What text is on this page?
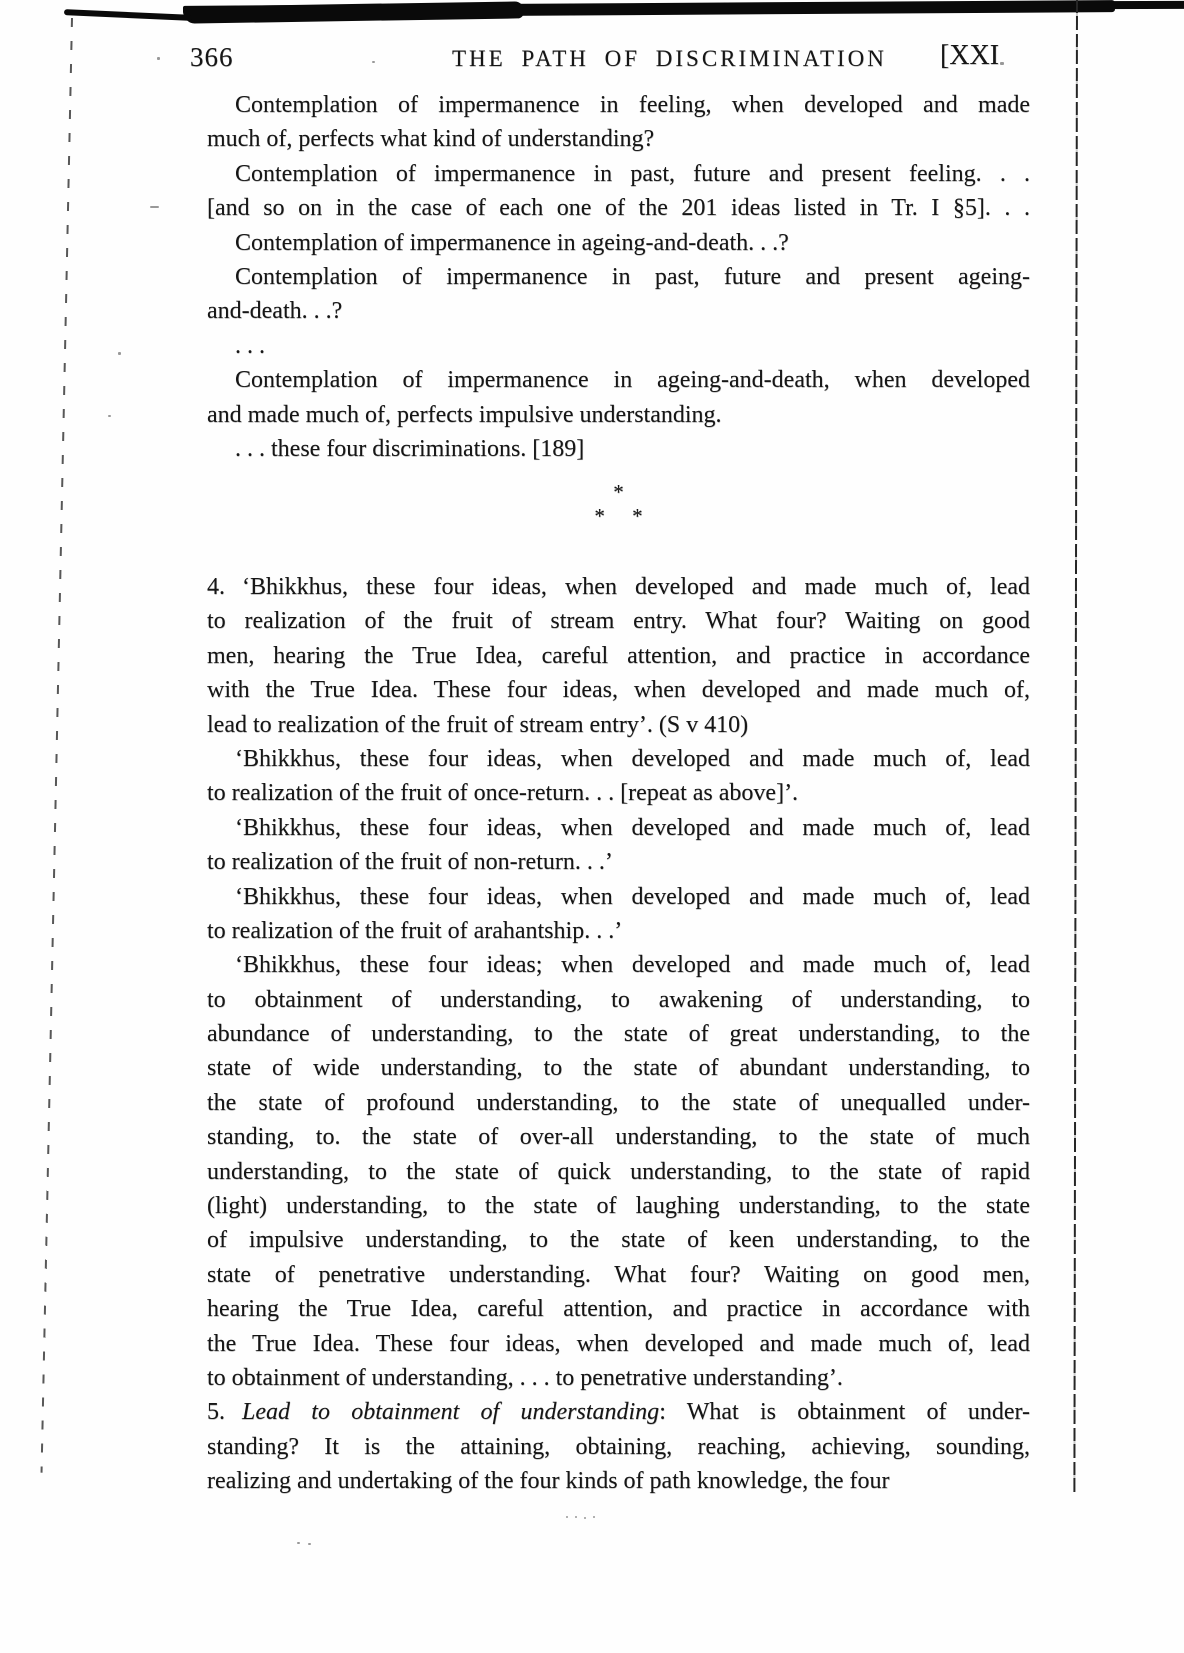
366	THE PATH OF DISCRIMINATION [XXI
Contemplation of impermanence in feeling, when developed and made
much of, perfects what kind of understanding?
Contemplation of impermanence in past, future and present feeling. . .
[and so on in the case of each one of the 201 ideas listed in Tr. I §5]. . .
Contemplation of impermanence in ageing-and-death. . .?
Contemplation of impermanence in past, future and present ageing-
and-death. . .?
. . .
Contemplation of impermanence in ageing-and-death, when developed
and made much of, perfects impulsive understanding.
. . . these four discriminations. [189]
*
* *
4. ‘Bhikkhus, these four ideas, when developed and made much of, lead
to realization of the fruit of stream entry. What four? Waiting on good
men, hearing the True Idea, careful attention, and practice in accordance
with the True Idea. These four ideas, when developed and made much of,
lead to realization of the fruit of stream entry’. (S v 410)
‘Bhikkhus, these four ideas, when developed and made much of, lead
to realization of the fruit of once-return. . . [repeat as above]’.
‘Bhikkhus, these four ideas, when developed and made much of, lead
to realization of the fruit of non-return. . .’
‘Bhikkhus, these four ideas, when developed and made much of, lead
to realization of the fruit of arahantship. . .’
‘Bhikkhus, these four ideas; when developed and made much of, lead
to obtainment of understanding, to awakening of understanding, to
abundance of understanding, to the state of great understanding, to the
state of wide understanding, to the state of abundant understanding, to
the state of profound understanding, to the state of unequalled under-
standing, to. the state of over-all understanding, to the state of much
understanding, to the state of quick understanding, to the state of rapid
(light) understanding, to the state of laughing understanding, to the state
of impulsive understanding, to the state of keen understanding, to the
state of penetrative understanding. What four? Waiting on good men,
hearing the True Idea, careful attention, and practice in accordance with
the True Idea. These four ideas, when developed and made much of, lead
to obtainment of understanding, . . . to penetrative understanding’.
5. Lead to obtainment of understanding: What is obtainment of under-
standing? It is the attaining, obtaining, reaching, achieving, sounding,
realizing and undertaking of the four kinds of path knowledge, the four
